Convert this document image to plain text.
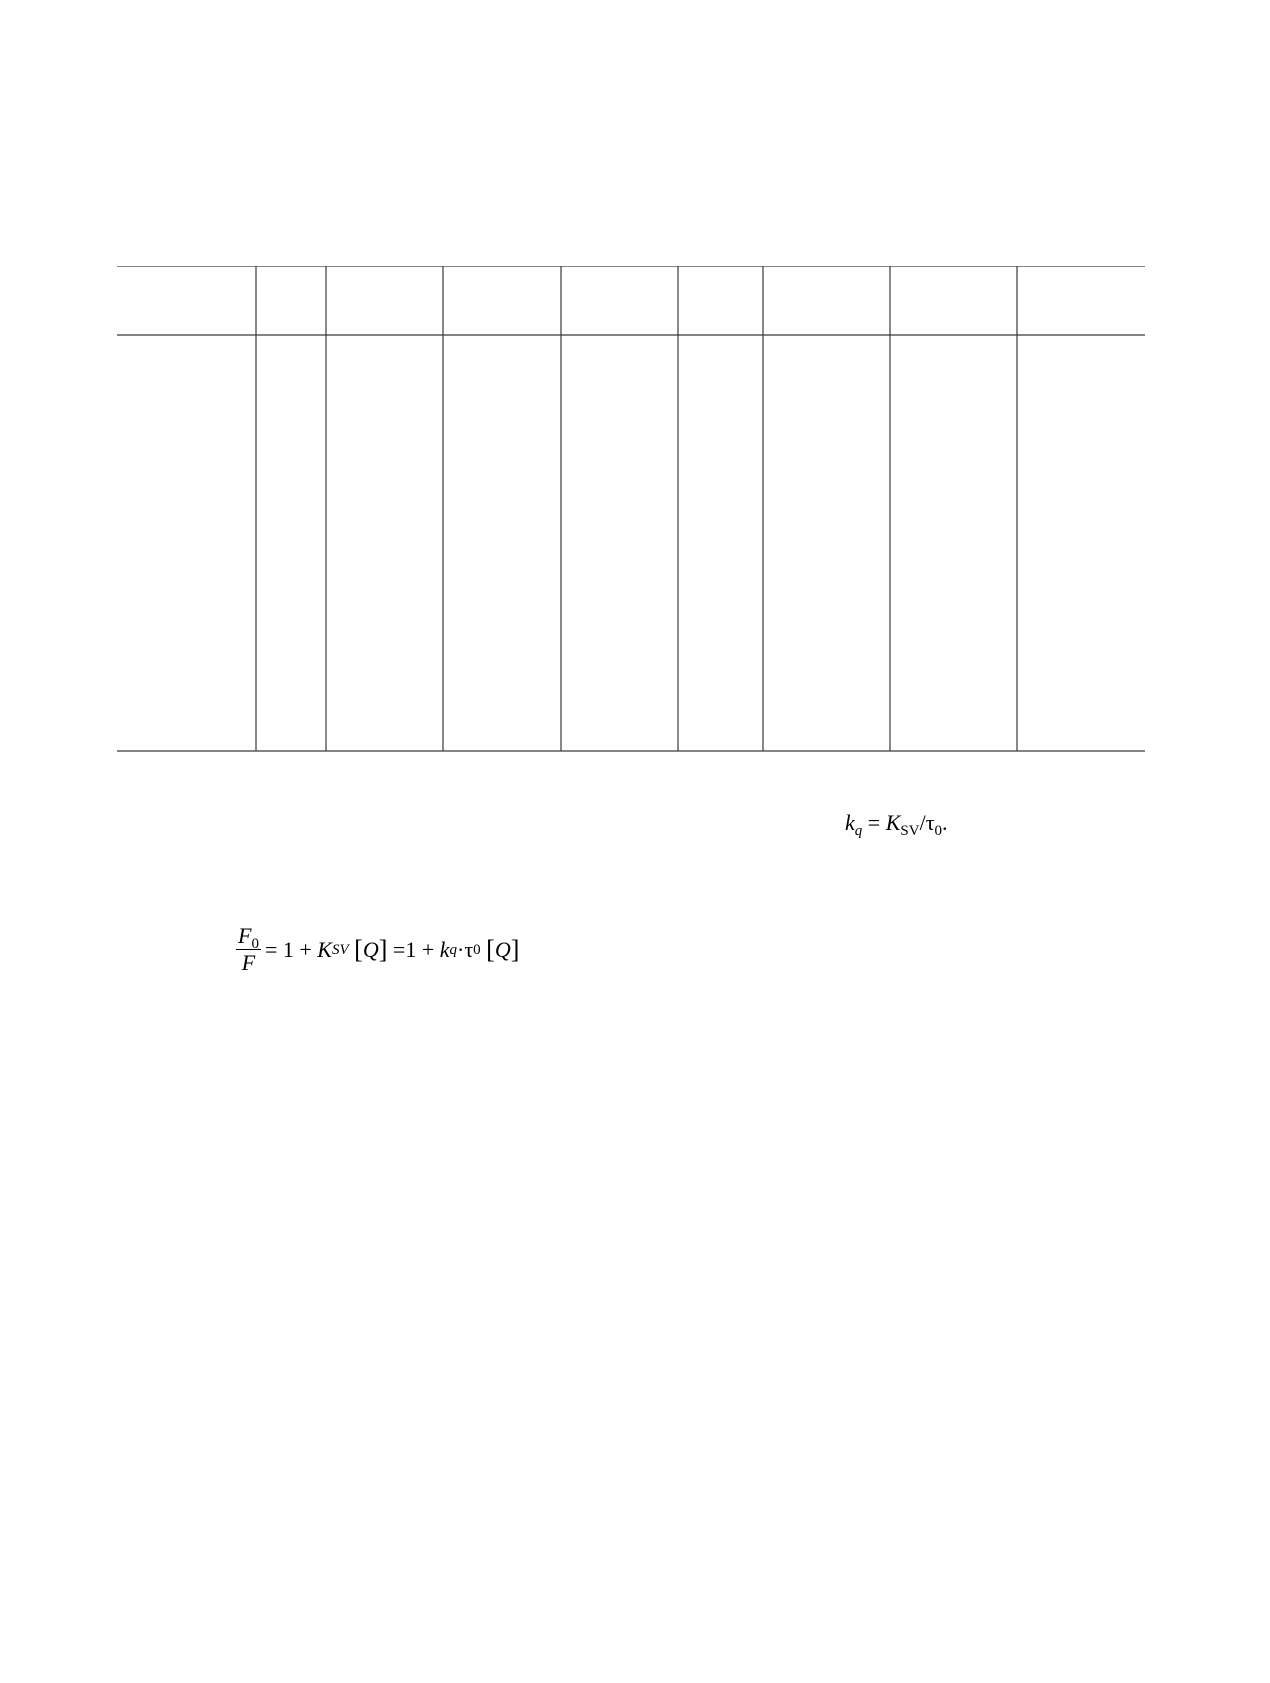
$k_q = K_{SV}/\tau_0$.
$\frac{F_0}{F}$ =
1
+
K SV
[ Q ]
= 1
+
k q · τ 0
[ Q ]
